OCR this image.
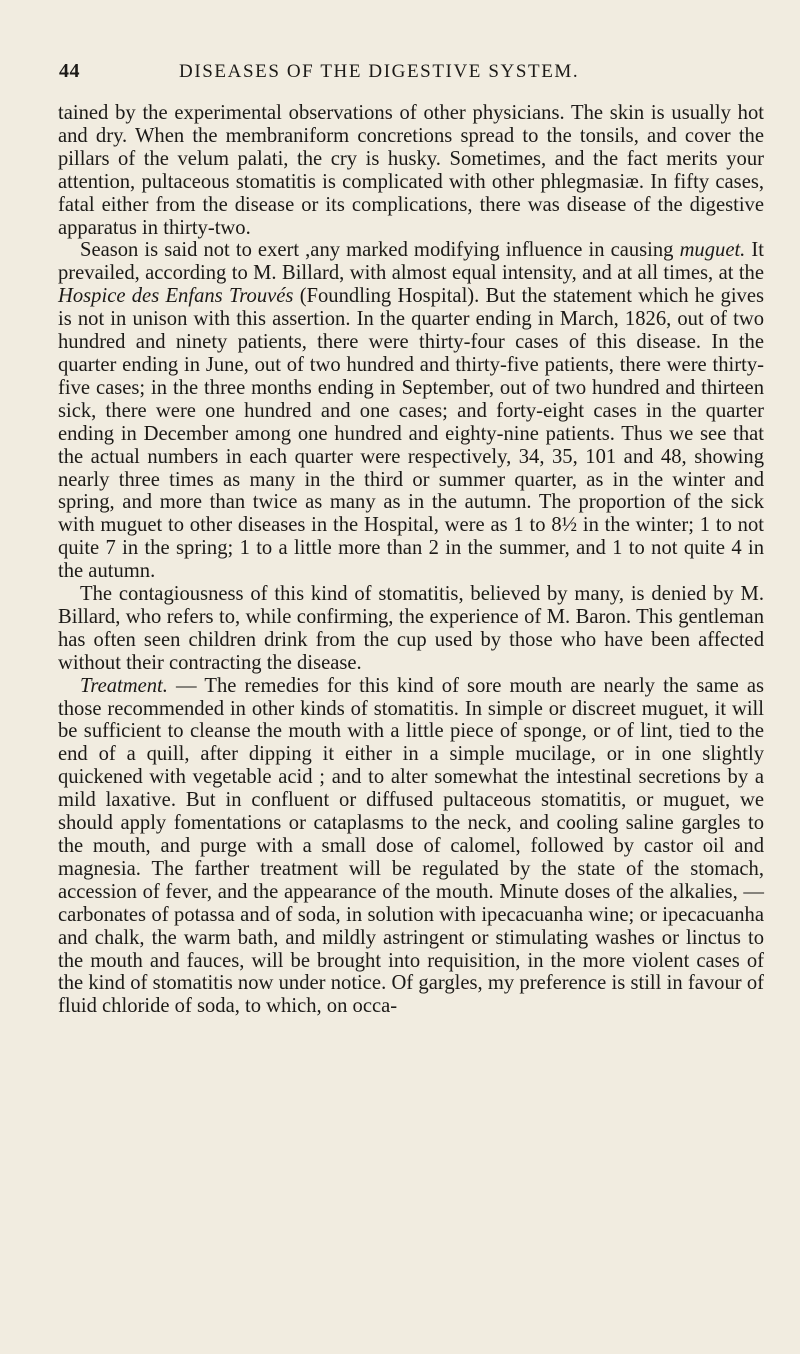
44	DISEASES OF THE DIGESTIVE SYSTEM.

tained by the experimental observations of other physicians. The skin is usually hot and dry. When the membraniform concretions spread to the tonsils, and cover the pillars of the velum palati, the cry is husky. Sometimes, and the fact merits your attention, pultaceous stomatitis is complicated with other phlegmasiæ. In fifty cases, fatal either from the disease or its complications, there was disease of the digestive apparatus in thirty-two.

Season is said not to exert ,any marked modifying influence in causing muguet. It prevailed, according to M. Billard, with almost equal intensity, and at all times, at the Hospice des Enfans Trouvés (Foundling Hospital). But the statement which he gives is not in unison with this assertion. In the quarter ending in March, 1826, out of two hundred and ninety patients, there were thirty-four cases of this disease. In the quarter ending in June, out of two hundred and thirty-five patients, there were thirty-five cases; in the three months ending in September, out of two hundred and thirteen sick, there were one hundred and one cases; and forty-eight cases in the quarter ending in December among one hundred and eighty-nine patients. Thus we see that the actual numbers in each quarter were respectively, 34, 35, 101 and 48, showing nearly three times as many in the third or summer quarter, as in the winter and spring, and more than twice as many as in the autumn. The proportion of the sick with muguet to other diseases in the Hospital, were as 1 to 8½ in the winter; 1 to not quite 7 in the spring; 1 to a little more than 2 in the summer, and 1 to not quite 4 in the autumn.

The contagiousness of this kind of stomatitis, believed by many, is denied by M. Billard, who refers to, while confirming, the experience of M. Baron. This gentleman has often seen children drink from the cup used by those who have been affected without their contracting the disease.

Treatment. — The remedies for this kind of sore mouth are nearly the same as those recommended in other kinds of stomatitis. In simple or discreet muguet, it will be sufficient to cleanse the mouth with a little piece of sponge, or of lint, tied to the end of a quill, after dipping it either in a simple mucilage, or in one slightly quickened with vegetable acid ; and to alter somewhat the intestinal secretions by a mild laxative. But in confluent or diffused pultaceous stomatitis, or muguet, we should apply fomentations or cataplasms to the neck, and cooling saline gargles to the mouth, and purge with a small dose of calomel, followed by castor oil and magnesia. The farther treatment will be regulated by the state of the stomach, accession of fever, and the appearance of the mouth. Minute doses of the alkalies, — carbonates of potassa and of soda, in solution with ipecacuanha wine; or ipecacuanha and chalk, the warm bath, and mildly astringent or stimulating washes or linctus to the mouth and fauces, will be brought into requisition, in the more violent cases of the kind of stomatitis now under notice. Of gargles, my preference is still in favour of fluid chloride of soda, to which, on occa-
